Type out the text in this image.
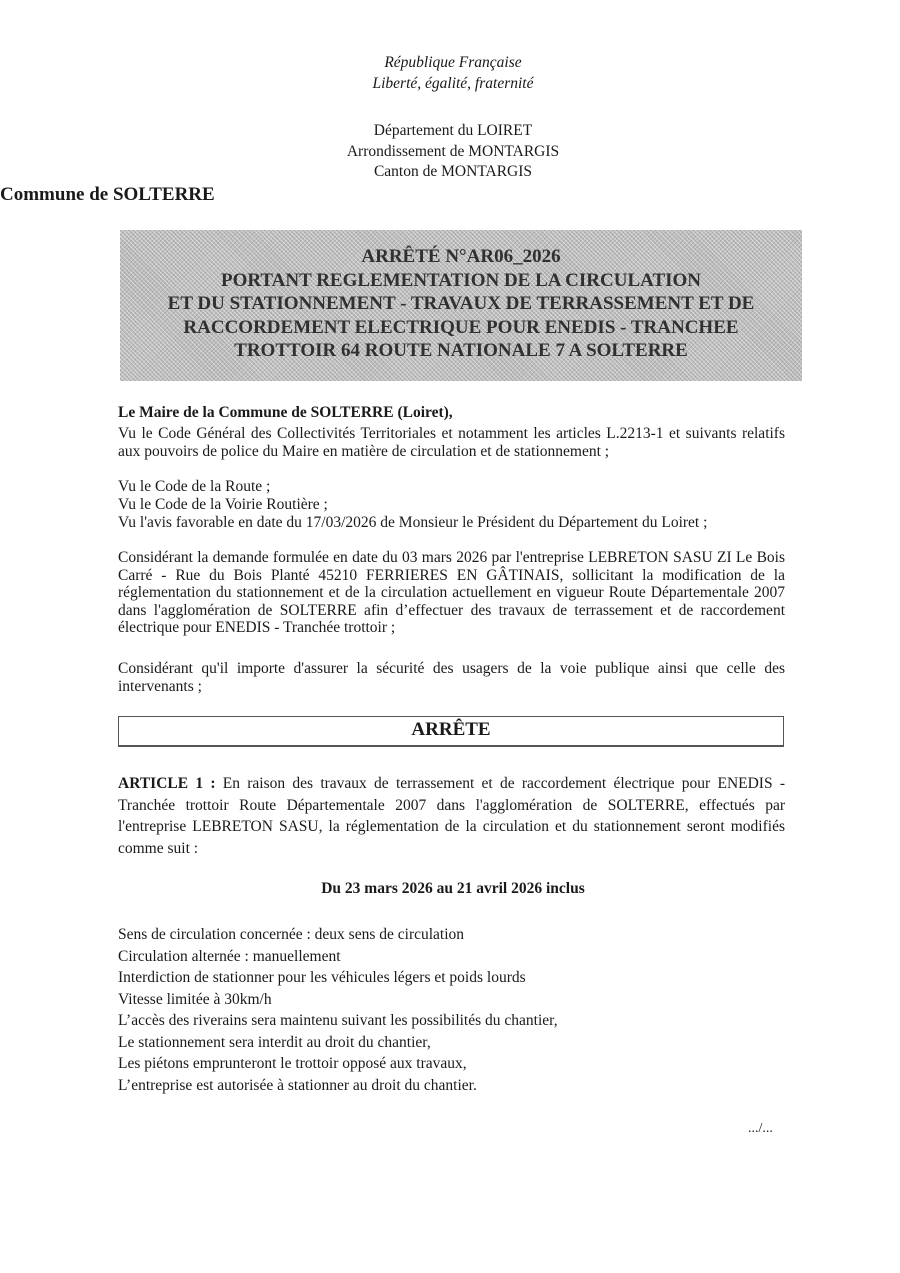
République Française
Liberté, égalité, fraternité
Département du LOIRET
Arrondissement de MONTARGIS
Canton de MONTARGIS
Commune de SOLTERRE
ARRÊTÉ N°AR06_2026
PORTANT REGLEMENTATION DE LA CIRCULATION
ET DU STATIONNEMENT - TRAVAUX DE TERRASSEMENT ET DE
RACCORDEMENT ELECTRIQUE POUR ENEDIS - TRANCHEE
TROTTOIR 64 ROUTE NATIONALE 7 A SOLTERRE
Le Maire de la Commune de SOLTERRE (Loiret),
Vu le Code Général des Collectivités Territoriales et notamment les articles L.2213-1 et suivants relatifs aux pouvoirs de police du Maire en matière de circulation et de stationnement ;
Vu le Code de la Route ;
Vu le Code de la Voirie Routière ;
Vu l'avis favorable en date du 17/03/2026 de Monsieur le Président du Département du Loiret ;
Considérant la demande formulée en date du 03 mars 2026 par l'entreprise LEBRETON SASU ZI Le Bois Carré - Rue du Bois Planté 45210 FERRIERES EN GÂTINAIS, sollicitant la modification de la réglementation du stationnement et de la circulation actuellement en vigueur Route Départementale 2007 dans l'agglomération de SOLTERRE afin d’effectuer des travaux de terrassement et de raccordement électrique pour ENEDIS - Tranchée trottoir ;
Considérant qu'il importe d'assurer la sécurité des usagers de la voie publique ainsi que celle des intervenants ;
ARRÊTE
ARTICLE 1 : En raison des travaux de terrassement et de raccordement électrique pour ENEDIS - Tranchée trottoir Route Départementale 2007 dans l'agglomération de SOLTERRE, effectués par l'entreprise LEBRETON SASU, la réglementation de la circulation et du stationnement seront modifiés comme suit :
Du 23 mars 2026 au 21 avril 2026 inclus
Sens de circulation concernée : deux sens de circulation
Circulation alternée : manuellement
Interdiction de stationner pour les véhicules légers et poids lourds
Vitesse limitée à 30km/h
L’accès des riverains sera maintenu suivant les possibilités du chantier,
Le stationnement sera interdit au droit du chantier,
Les piétons emprunteront le trottoir opposé aux travaux,
L’entreprise est autorisée à stationner au droit du chantier.
.../...
